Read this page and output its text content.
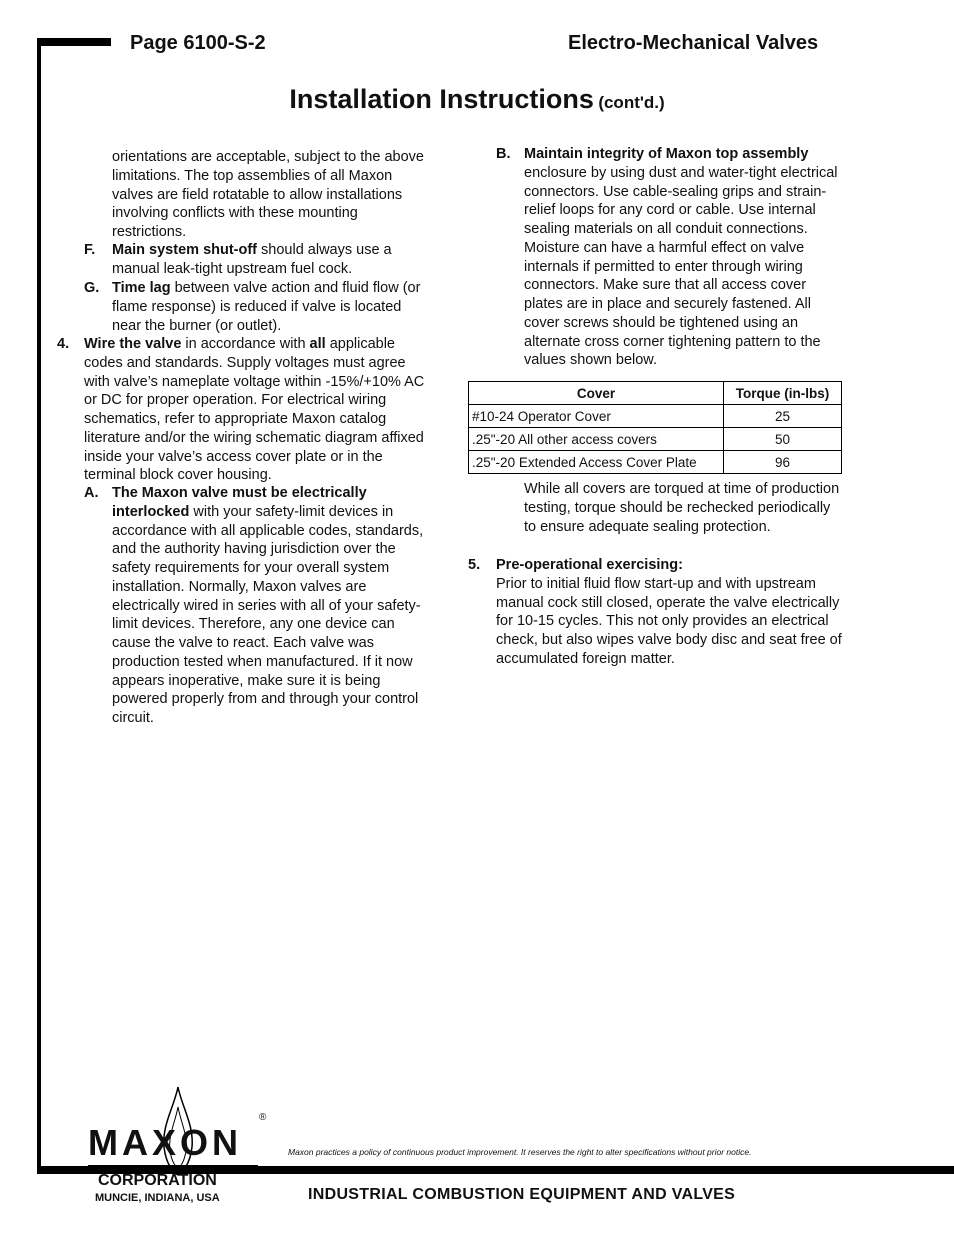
Page 6100-S-2	Electro-Mechanical Valves
Installation Instructions (cont'd.)

orientations are acceptable, subject to the above limitations. The top assemblies of all Maxon valves are field rotatable to allow installations involving conflicts with these mounting restrictions.

F. Main system shut-off should always use a manual leak-tight upstream fuel cock.

G. Time lag between valve action and fluid flow (or flame response) is reduced if valve is located near the burner (or outlet).

4. Wire the valve in accordance with all applicable codes and standards. Supply voltages must agree with valve’s nameplate voltage within -15%/+10% AC or DC for proper operation. For electrical wiring schematics, refer to appropriate Maxon catalog literature and/or the wiring schematic diagram affixed inside your valve’s access cover plate or in the terminal block cover housing.

A. The Maxon valve must be electrically interlocked with your safety-limit devices in accordance with all applicable codes, standards, and the authority having jurisdiction over the safety requirements for your overall system installation. Normally, Maxon valves are electrically wired in series with all of your safety-limit devices. Therefore, any one device can cause the valve to react. Each valve was production tested when manufactured. If it now appears inoperative, make sure it is being powered properly from and through your control circuit.

B. Maintain integrity of Maxon top assembly enclosure by using dust and water-tight electrical connectors. Use cable-sealing grips and strain-relief loops for any cord or cable. Use internal sealing materials on all conduit connections. Moisture can have a harmful effect on valve internals if permitted to enter through wiring connectors. Make sure that all access cover plates are in place and securely fastened. All cover screws should be tightened using an alternate cross corner tightening pattern to the values shown below.

Cover	Torque (in-lbs)
#10-24 Operator Cover	25
.25"-20 All other access covers	50
.25"-20 Extended Access Cover Plate	96

While all covers are torqued at time of production testing, torque should be rechecked periodically to ensure adequate sealing protection.

5. Pre-operational exercising:

Prior to initial fluid flow start-up and with upstream manual cock still closed, operate the valve electrically for 10-15 cycles. This not only provides an electrical check, but also wipes valve body disc and seat free of accumulated foreign matter.

MAXON
®
CORPORATION
MUNCIE, INDIANA, USA
Maxon practices a policy of continuous product improvement. It reserves the right to alter specifications without prior notice.
INDUSTRIAL COMBUSTION EQUIPMENT AND VALVES
